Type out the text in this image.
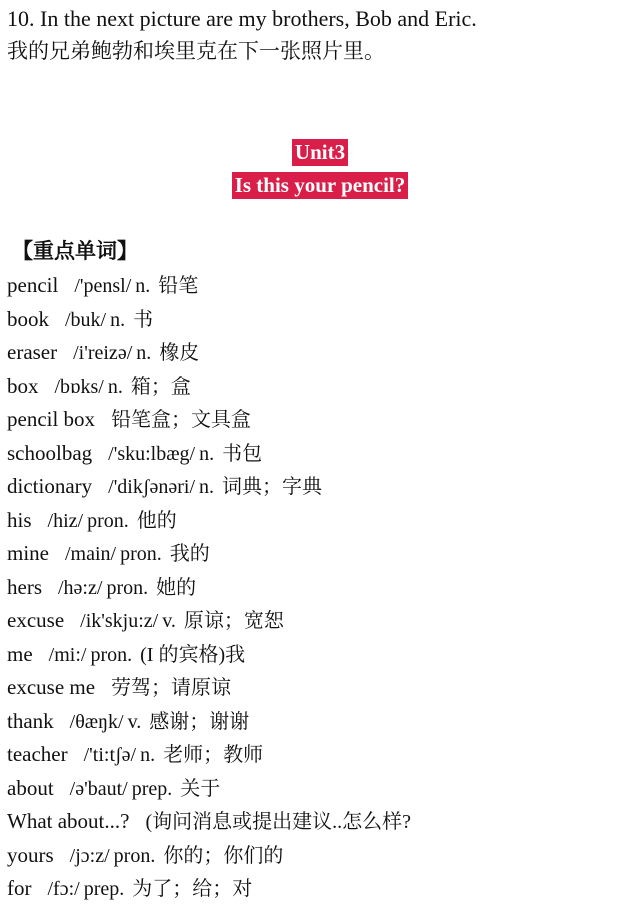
10. In the next picture are my brothers, Bob and Eric.
我的兄弟鲍勃和埃里克在下一张照片里。
Unit3
Is this your pencil?
【重点单词】
pencil /'pensl/ n. 铅笔
book /buk/ n. 书
eraser /i'reizə/ n. 橡皮
box /bɒks/ n. 箱；盒
pencil box 铅笔盒；文具盒
schoolbag /'sku:lbæg/ n. 书包
dictionary /'dikʃənəri/ n. 词典；字典
his /hiz/ pron. 他的
mine /main/ pron. 我的
hers /hə:z/ pron. 她的
excuse /ik'skju:z/ v. 原谅；宽恕
me /mi:/ pron. (I 的宾格)我
excuse me 劳驾；请原谅
thank /θæŋk/ v. 感谢；谢谢
teacher /'ti:tʃə/ n. 老师；教师
about /ə'baut/ prep. 关于
What about...? (询问消息或提出建议..怎么样?
yours /jɔ:z/ pron. 你的；你们的
for /fɔ:/ prep. 为了；给；对
